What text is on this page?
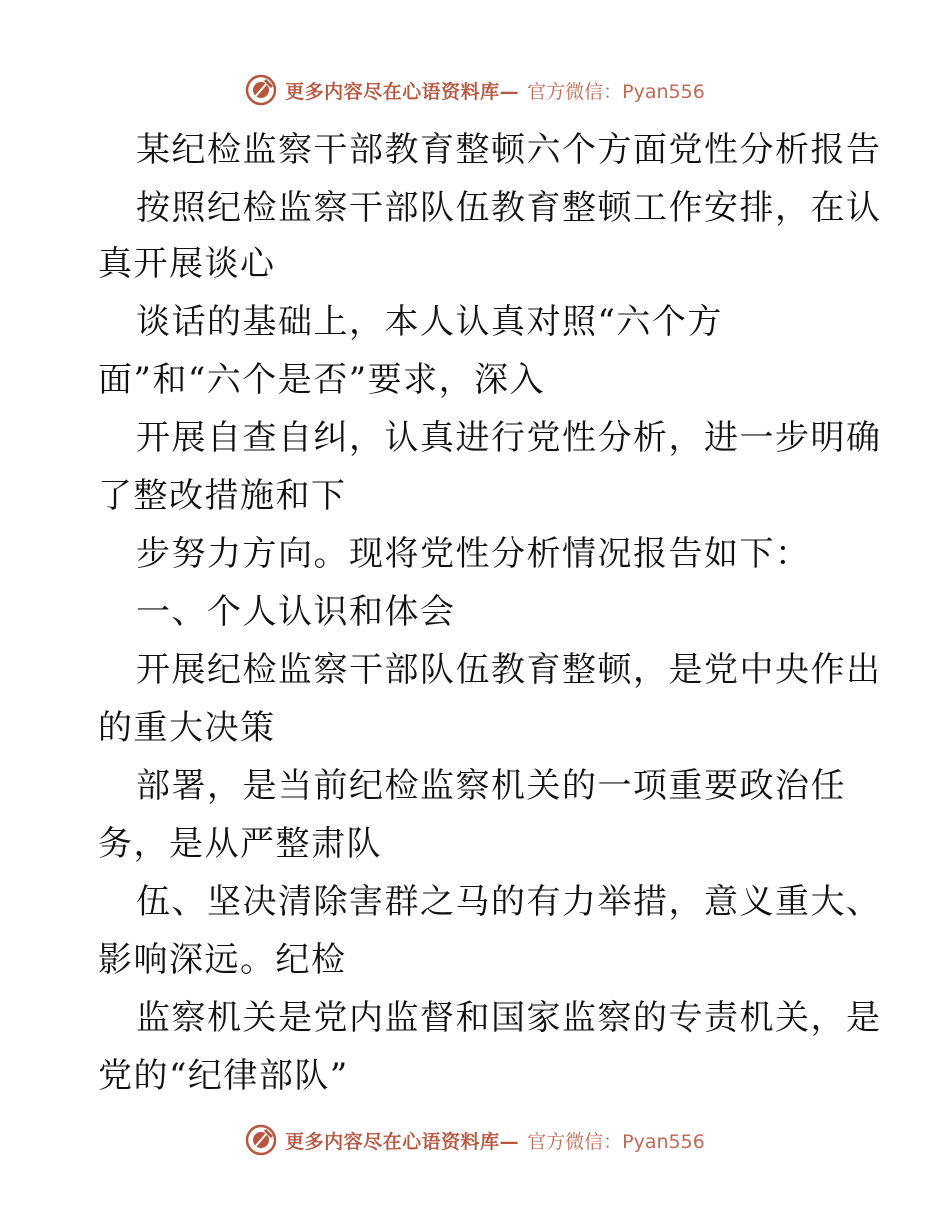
更多内容尽在心语资料库— 官方微信：Pyan556
某纪检监察干部教育整顿六个方面党性分析报告
按照纪检监察干部队伍教育整顿工作安排，在认
真开展谈心
谈话的基础上，本人认真对照“六个方
面”和“六个是否”要求，深入
开展自查自纠，认真进行党性分析，进一步明确
了整改措施和下
步努力方向。现将党性分析情况报告如下：
一、个人认识和体会
开展纪检监察干部队伍教育整顿，是党中央作出
的重大决策
部署，是当前纪检监察机关的一项重要政治任
务，是从严整肃队
伍、坚决清除害群之马的有力举措，意义重大、
影响深远。纪检
监察机关是党内监督和国家监察的专责机关，是
党的“纪律部队”
更多内容尽在心语资料库— 官方微信：Pyan556
